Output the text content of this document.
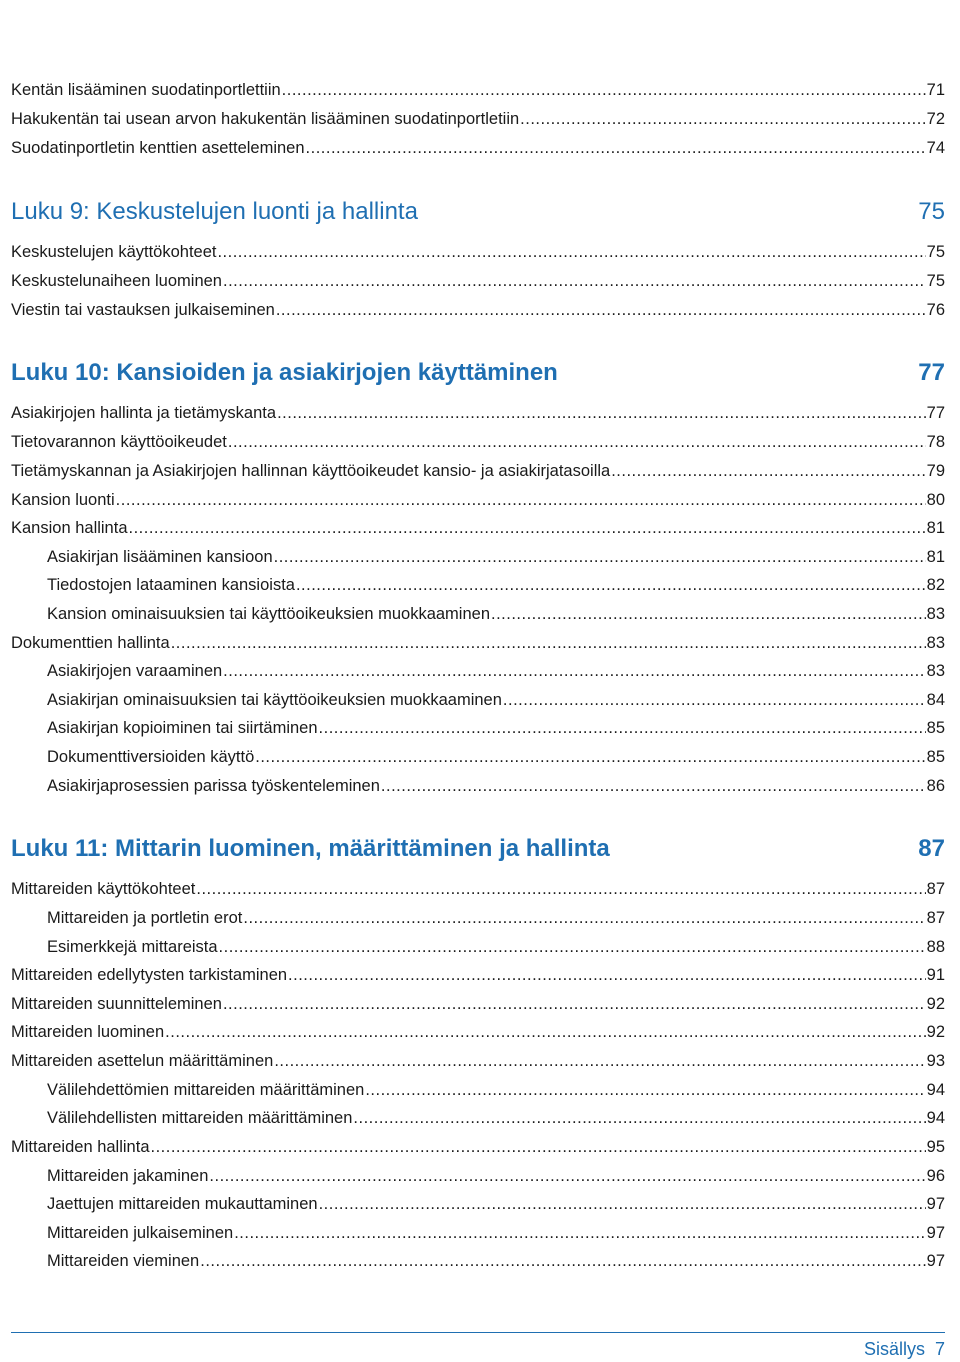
Kentän lisääminen suodatinportlettiin .....	71
Hakukentän tai usean arvon hakukentän lisääminen suodatinportletiin .....	72
Suodatinportletin kenttien asetteleminen .....	74
Luku 9: Keskustelujen luonti ja hallinta	75
Keskustelujen käyttökohteet .....	75
Keskustelunaiheen luominen .....	75
Viestin tai vastauksen julkaiseminen .....	76
Luku 10: Kansioiden ja asiakirjojen käyttäminen	77
Asiakirjojen hallinta ja tietämyskanta .....	77
Tietovarannon käyttöoikeudet .....	78
Tietämyskannan ja Asiakirjojen hallinnan käyttöoikeudet kansio- ja asiakirjatasoilla .....	79
Kansion luonti .....	80
Kansion hallinta .....	81
Asiakirjan lisääminen kansioon .....	81
Tiedostojen lataaminen kansioista .....	82
Kansion ominaisuuksien tai käyttöoikeuksien muokkaaminen .....	83
Dokumenttien hallinta .....	83
Asiakirjojen varaaminen .....	83
Asiakirjan ominaisuuksien tai käyttöoikeuksien muokkaaminen .....	84
Asiakirjan kopioiminen tai siirtäminen .....	85
Dokumenttiversioiden käyttö .....	85
Asiakirjaprosessien parissa työskenteleminen .....	86
Luku 11: Mittarin luominen, määrittäminen ja hallinta	87
Mittareiden käyttökohteet .....	87
Mittareiden ja portletin erot .....	87
Esimerkkejä mittareista .....	88
Mittareiden edellytysten tarkistaminen .....	91
Mittareiden suunnitteleminen .....	92
Mittareiden luominen .....	92
Mittareiden asettelun määrittäminen .....	93
Välilehdettömien mittareiden määrittäminen .....	94
Välilehdellisten mittareiden määrittäminen .....	94
Mittareiden hallinta .....	95
Mittareiden jakaminen .....	96
Jaettujen mittareiden mukauttaminen .....	97
Mittareiden julkaiseminen .....	97
Mittareiden vieminen .....	97
Sisällys 7
